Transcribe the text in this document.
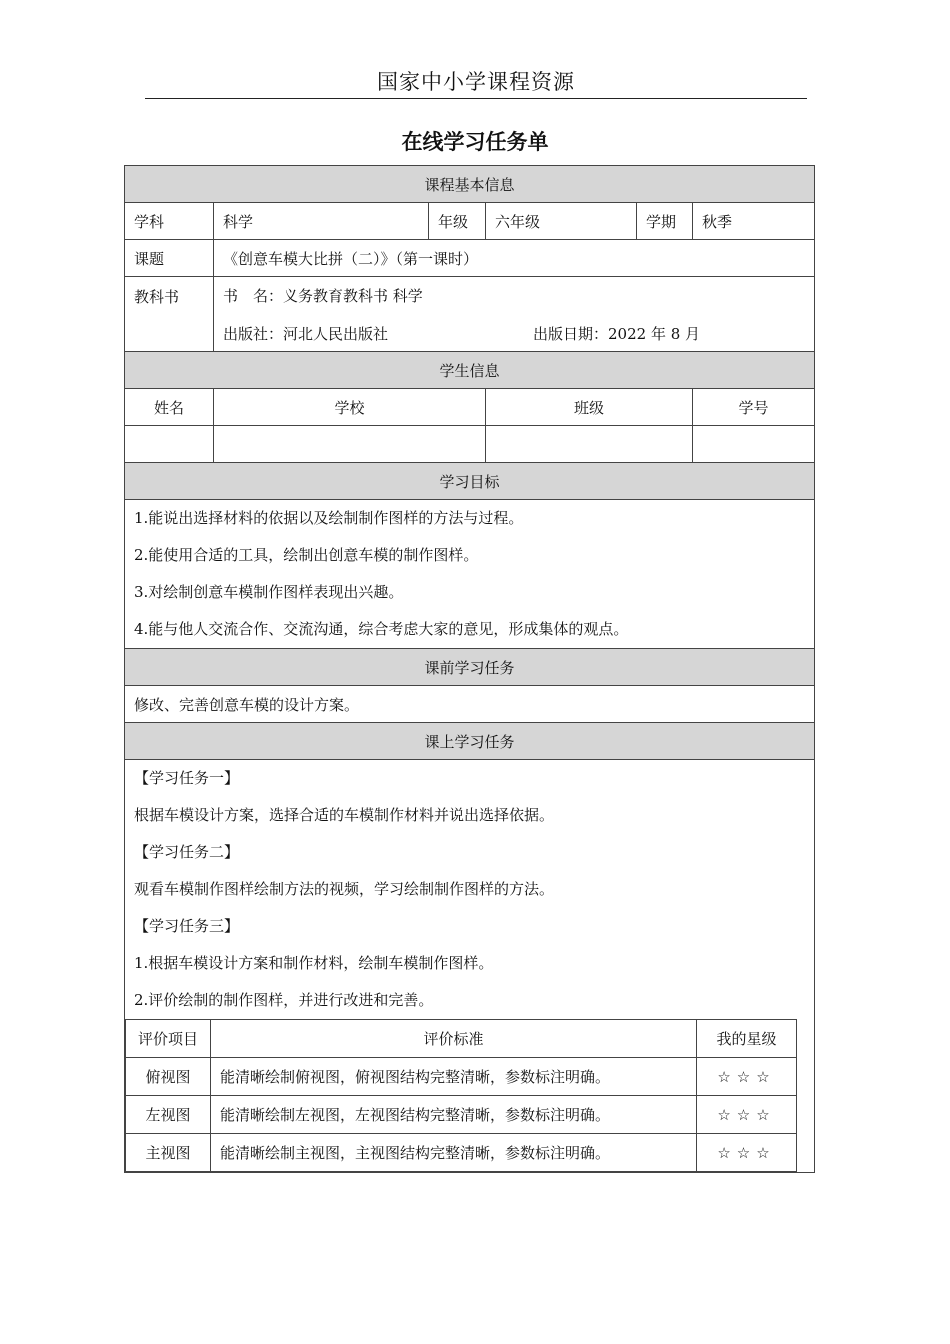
国家中小学课程资源
在线学习任务单
课程基本信息
学科	科学	年级	六年级	学期	秋季
课题	《创意车模大比拼（二）》（第一课时）
教科书	书　名：义务教育教科书 科学
出版社：河北人民出版社	出版日期：2022 年 8 月

学生信息
姓名	学校	班级	学号

学习目标

1.能说出选择材料的依据以及绘制制作图样的方法与过程。
2.能使用合适的工具，绘制出创意车模的制作图样。
3.对绘制创意车模制作图样表现出兴趣。
4.能与他人交流合作、交流沟通，综合考虑大家的意见，形成集体的观点。

课前学习任务
修改、完善创意车模的设计方案。
课上学习任务

【学习任务一】
根据车模设计方案，选择合适的车模制作材料并说出选择依据。
【学习任务二】
观看车模制作图样绘制方法的视频，学习绘制制作图样的方法。
【学习任务三】
1.根据车模设计方案和制作材料，绘制车模制作图样。
2.评价绘制的制作图样，并进行改进和完善。
评价项目	评价标准	我的星级
俯视图	能清晰绘制俯视图，俯视图结构完整清晰，参数标注明确。	☆☆☆
左视图	能清晰绘制左视图，左视图结构完整清晰，参数标注明确。	☆☆☆
主视图	能清晰绘制主视图，主视图结构完整清晰，参数标注明确。	☆☆☆
